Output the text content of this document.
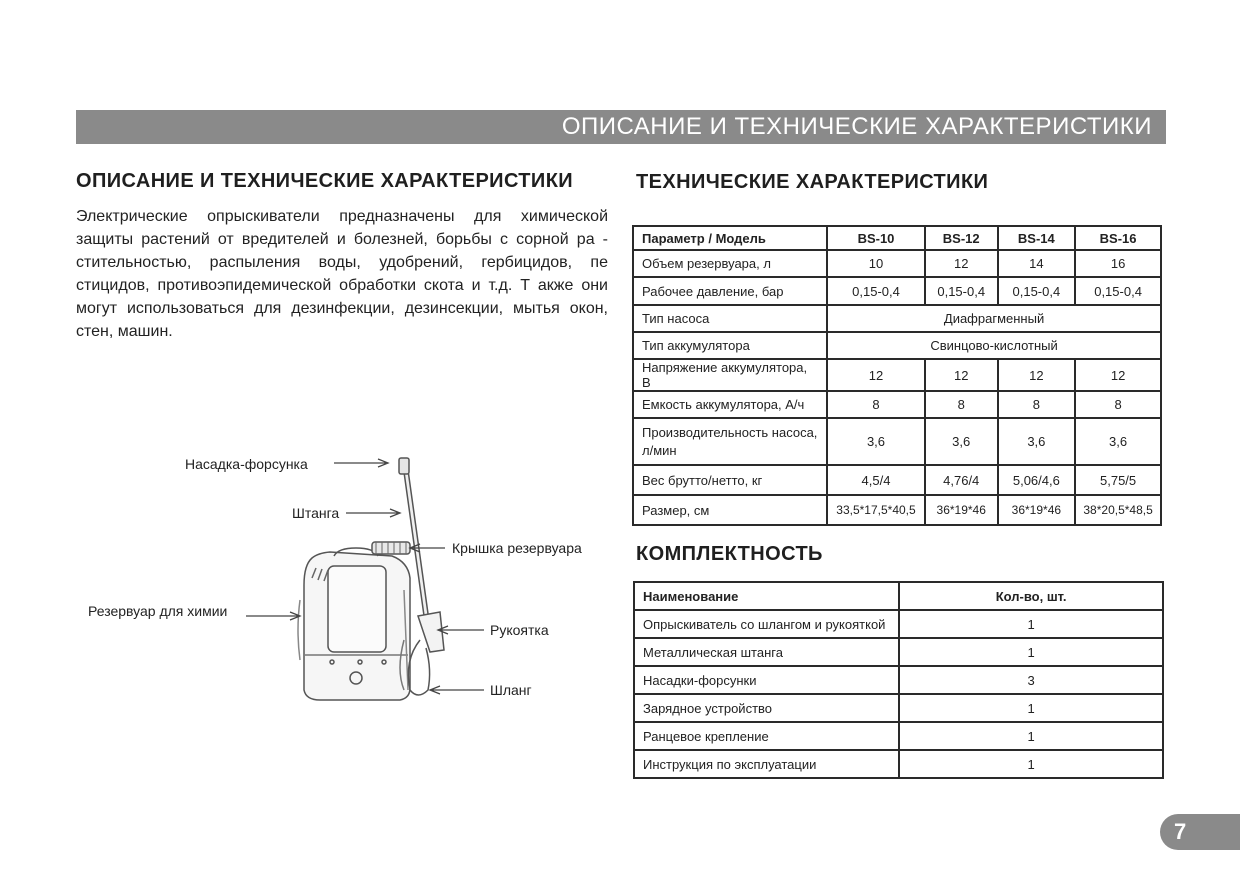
ОПИСАНИЕ И ТЕХНИЧЕСКИЕ ХАРАКТЕРИСТИКИ
ОПИСАНИЕ И ТЕХНИЧЕСКИЕ ХАРАКТЕРИСТИКИ
Электрические опрыскиватели предназначены для химической защиты растений от вредителей и болезней, борьбы с сорной ра - стительностью, распыления воды, удобрений, гербицидов, пе стицидов, противоэпидемической обработки скота и т.д. Т акже они могут использоваться для дезинфекции, дезинсекции, мытья окон, стен, машин.
Насадка-форсунка
Штанга
Крышка резервуара
Резервуар для химии
Рукоятка
Шланг
ТЕХНИЧЕСКИЕ ХАРАКТЕРИСТИКИ
Параметр / Модель	BS-10	BS-12	BS-14	BS-16
Объем резервуара, л	10	12	14	16
Рабочее давление, бар	0,15-0,4	0,15-0,4	0,15-0,4	0,15-0,4
Тип насоса	Диафрагменный			
Тип аккумулятора	Свинцово-кислотный			
Напряжение аккумулятора, В	12	12	12	12
Емкость аккумулятора, А/ч	8	8	8	8
Производительность насоса, л/мин	3,6	3,6	3,6	3,6
Вес брутто/нетто, кг	4,5/4	4,76/4	5,06/4,6	5,75/5
Размер, см	33,5*17,5*40,5	36*19*46	36*19*46	38*20,5*48,5
КОМПЛЕКТНОСТЬ
Наименование	Кол-во, шт.
Опрыскиватель со шлангом и рукояткой	1
Металлическая штанга	1
Насадки-форсунки	3
Зарядное устройство	1
Ранцевое крепление	1
Инструкция по эксплуатации	1
7
